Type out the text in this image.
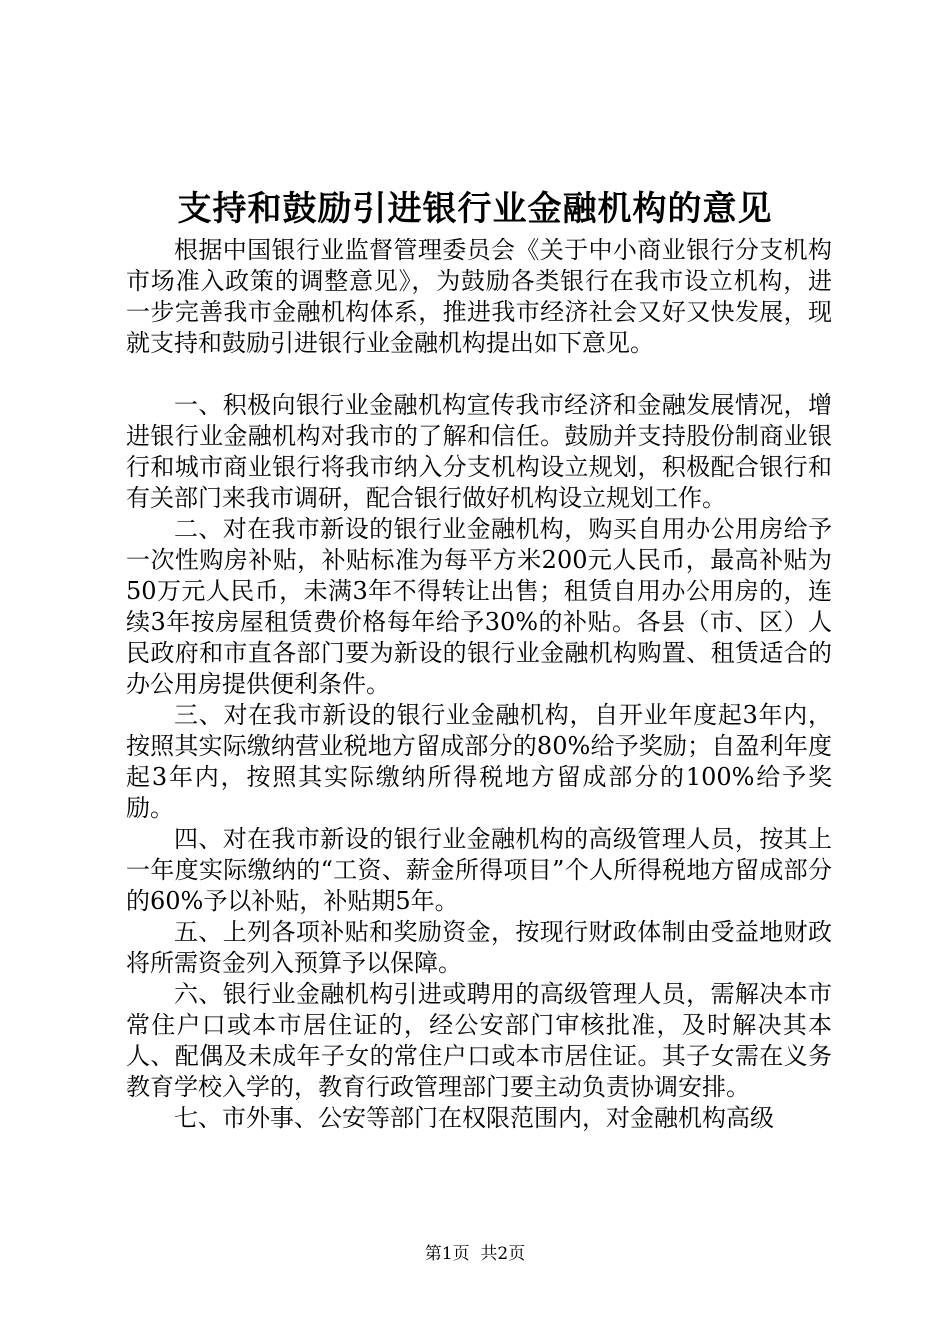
支持和鼓励引进银行业金融机构的意见

根据中国银行业监督管理委员会《关于中小商业银行分支机构市场准入政策的调整意见》，为鼓励各类银行在我市设立机构，进一步完善我市金融机构体系，推进我市经济社会又好又快发展，现就支持和鼓励引进银行业金融机构提出如下意见。

一、积极向银行业金融机构宣传我市经济和金融发展情况，增进银行业金融机构对我市的了解和信任。鼓励并支持股份制商业银行和城市商业银行将我市纳入分支机构设立规划，积极配合银行和有关部门来我市调研，配合银行做好机构设立规划工作。

二、对在我市新设的银行业金融机构，购买自用办公用房给予一次性购房补贴，补贴标准为每平方米200元人民币，最高补贴为50万元人民币，未满3年不得转让出售；租赁自用办公用房的，连续3年按房屋租赁费价格每年给予30%的补贴。各县（市、区）人民政府和市直各部门要为新设的银行业金融机构购置、租赁适合的办公用房提供便利条件。

三、对在我市新设的银行业金融机构，自开业年度起3年内，按照其实际缴纳营业税地方留成部分的80%给予奖励；自盈利年度起3年内，按照其实际缴纳所得税地方留成部分的100%给予奖励。

四、对在我市新设的银行业金融机构的高级管理人员，按其上一年度实际缴纳的“工资、薪金所得项目”个人所得税地方留成部分的60%予以补贴，补贴期5年。

五、上列各项补贴和奖励资金，按现行财政体制由受益地财政将所需资金列入预算予以保障。

六、银行业金融机构引进或聘用的高级管理人员，需解决本市常住户口或本市居住证的，经公安部门审核批准，及时解决其本人、配偶及未成年子女的常住户口或本市居住证。其子女需在义务教育学校入学的，教育行政管理部门要主动负责协调安排。

七、市外事、公安等部门在权限范围内，对金融机构高级

第1页  共2页
